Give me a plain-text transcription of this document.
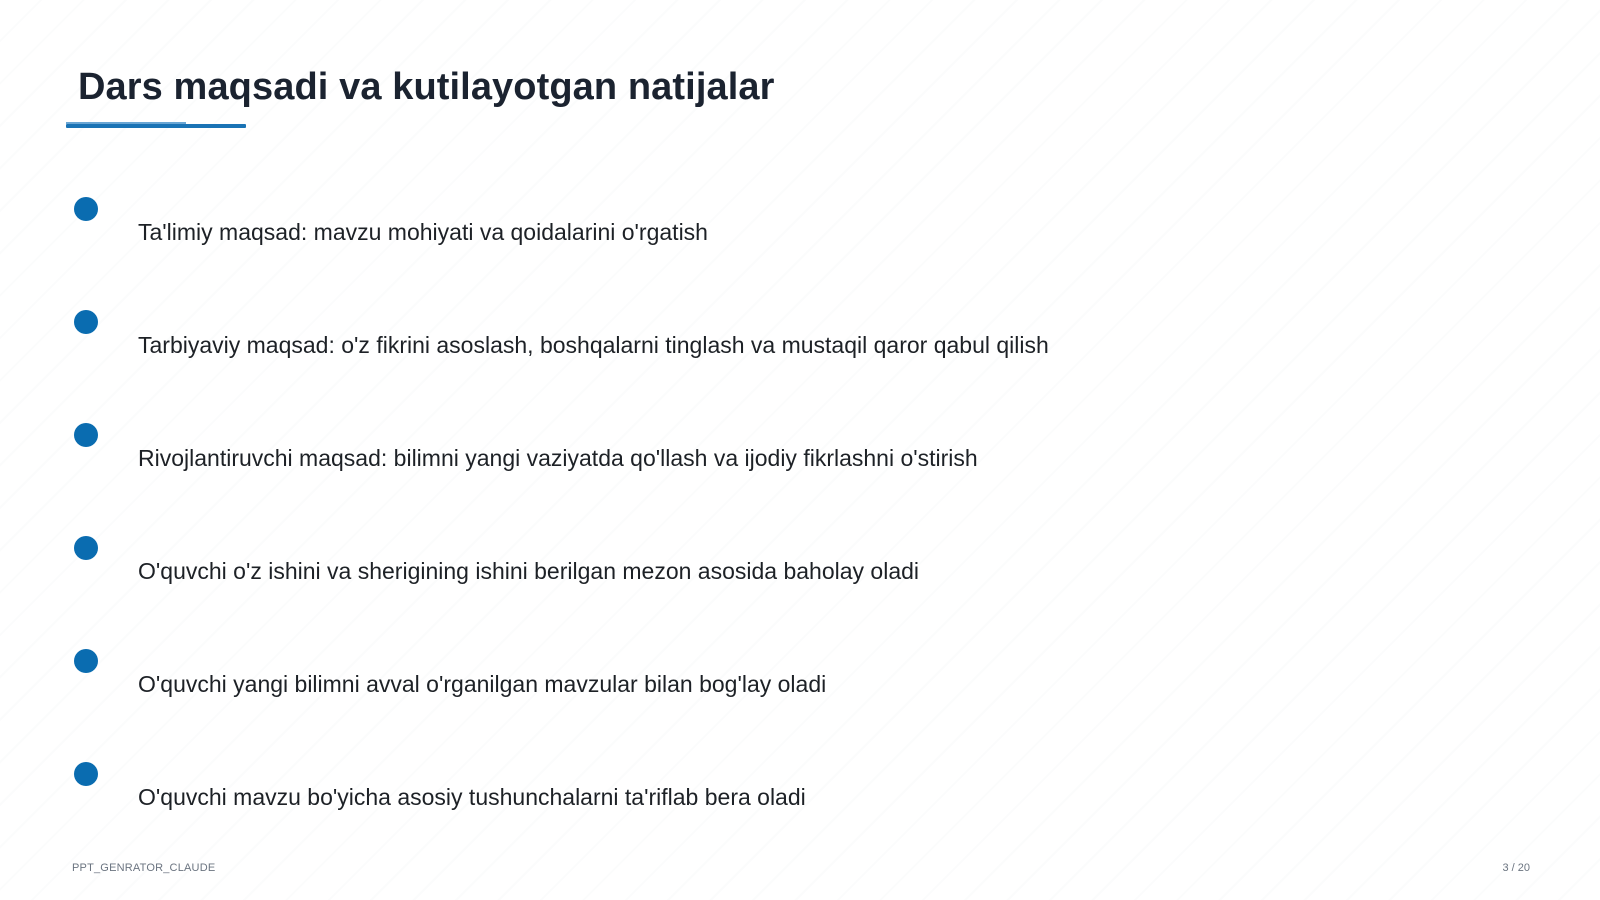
Dars maqsadi va kutilayotgan natijalar
Ta'limiy maqsad: mavzu mohiyati va qoidalarini o'rgatish
Tarbiyaviy maqsad: o'z fikrini asoslash, boshqalarni tinglash va mustaqil qaror qabul qilish
Rivojlantiruvchi maqsad: bilimni yangi vaziyatda qo'llash va ijodiy fikrlashni o'stirish
O'quvchi o'z ishini va sherigining ishini berilgan mezon asosida baholay oladi
O'quvchi yangi bilimni avval o'rganilgan mavzular bilan bog'lay oladi
O'quvchi mavzu bo'yicha asosiy tushunchalarni ta'riflab bera oladi
PPT_GENRATOR_CLAUDE	3 / 20
